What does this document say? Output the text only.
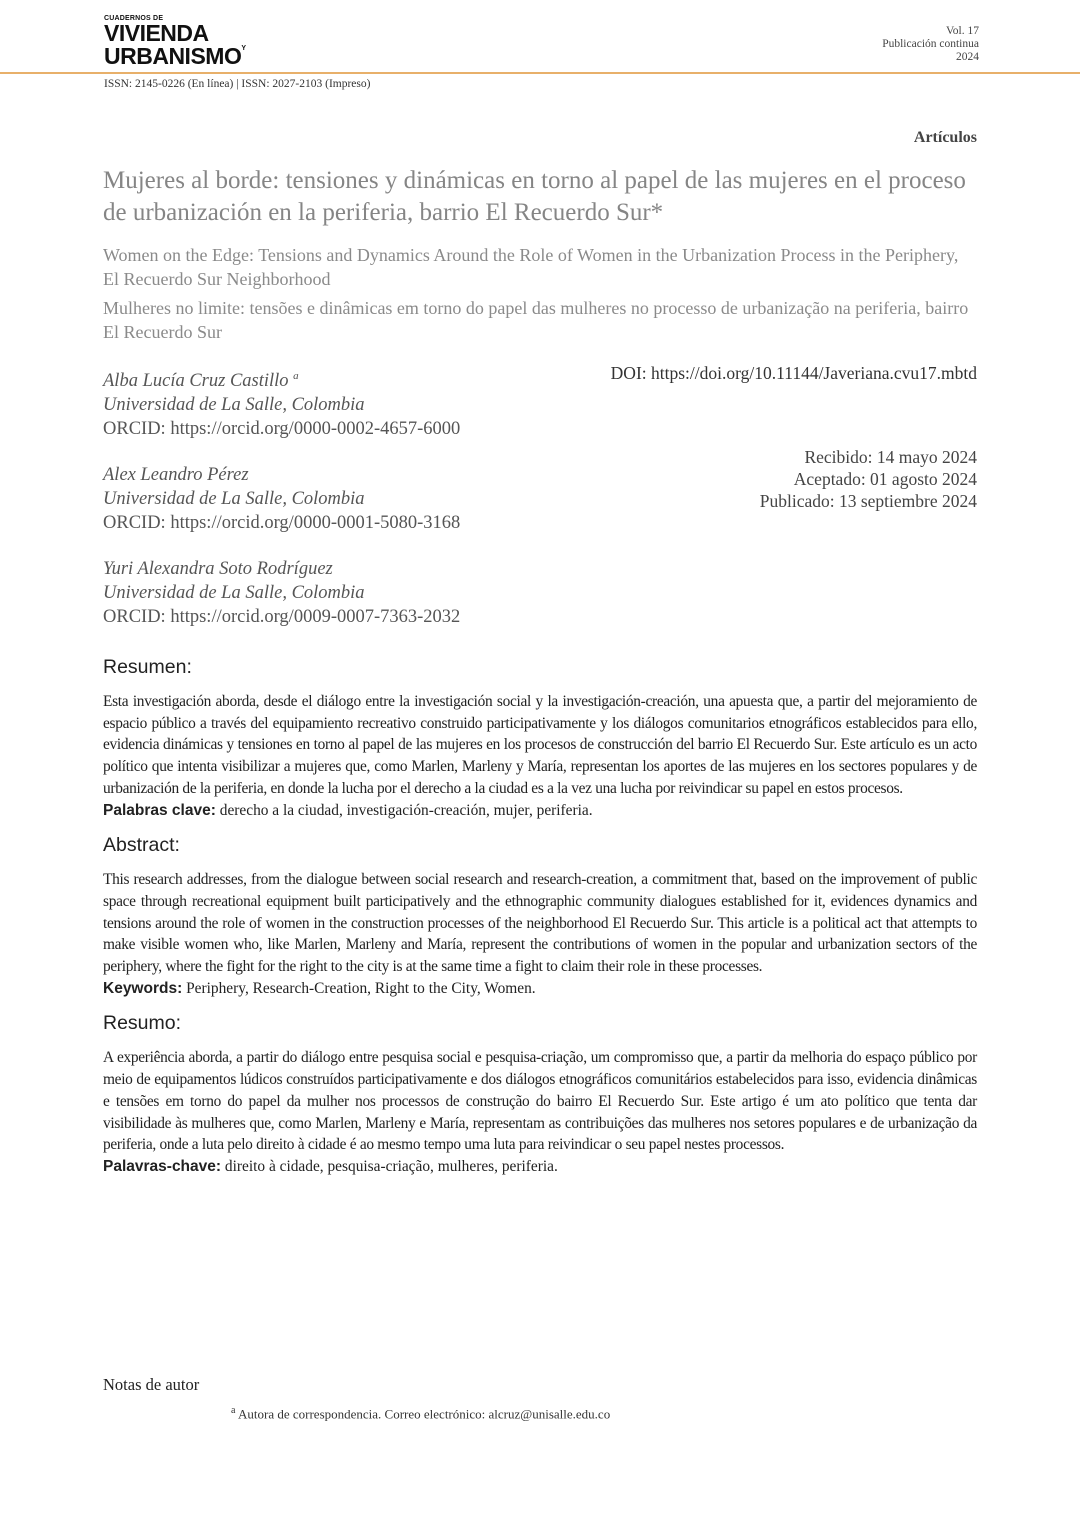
CUADERNOS DE
VIVIENDA
$URBANISMO^Y$
Vol. 17
Publicación continua
2024
ISSN: 2145-0226 (En línea) | ISSN: 2027-2103 (Impreso)
Artículos
Mujeres al borde: tensiones y dinámicas en torno al papel de las mujeres en el proceso de urbanización en la periferia, barrio El Recuerdo Sur*
Women on the Edge: Tensions and Dynamics Around the Role of Women in the Urbanization Process in the Periphery, El Recuerdo Sur Neighborhood
Mulheres no limite: tensões e dinâmicas em torno do papel das mulheres no processo de urbanização na periferia, bairro El Recuerdo Sur
Alba Lucía Cruz Castillo $^a$
Universidad de La Salle, Colombia
ORCID: https://orcid.org/0000-0002-4657-6000
Alex Leandro Pérez
Universidad de La Salle, Colombia
ORCID: https://orcid.org/0000-0001-5080-3168
Yuri Alexandra Soto Rodríguez
Universidad de La Salle, Colombia
ORCID: https://orcid.org/0009-0007-7363-2032
DOI: https://doi.org/10.11144/Javeriana.cvu17.mbtd
Recibido: 14 mayo 2024
Aceptado: 01 agosto 2024
Publicado: 13 septiembre 2024
Resumen:
Esta investigación aborda, desde el diálogo entre la investigación social y la investigación-creación, una apuesta que, a partir del mejoramiento de espacio público a través del equipamiento recreativo construido participativamente y los diálogos comunitarios etnográficos establecidos para ello, evidencia dinámicas y tensiones en torno al papel de las mujeres en los procesos de construcción del barrio El Recuerdo Sur. Este artículo es un acto político que intenta visibilizar a mujeres que, como Marlen, Marleny y María, representan los aportes de las mujeres en los sectores populares y de urbanización de la periferia, en donde la lucha por el derecho a la ciudad es a la vez una lucha por reivindicar su papel en estos procesos.
Palabras clave: derecho a la ciudad, investigación-creación, mujer, periferia.
Abstract:
This research addresses, from the dialogue between social research and research-creation, a commitment that, based on the improvement of public space through recreational equipment built participatively and the ethnographic community dialogues established for it, evidences dynamics and tensions around the role of women in the construction processes of the neighborhood El Recuerdo Sur. This article is a political act that attempts to make visible women who, like Marlen, Marleny and María, represent the contributions of women in the popular and urbanization sectors of the periphery, where the fight for the right to the city is at the same time a fight to claim their role in these processes.
Keywords: Periphery, Research-Creation, Right to the City, Women.
Resumo:
A experiência aborda, a partir do diálogo entre pesquisa social e pesquisa-criação, um compromisso que, a partir da melhoria do espaço público por meio de equipamentos lúdicos construídos participativamente e dos diálogos etnográficos comunitários estabelecidos para isso, evidencia dinâmicas e tensões em torno do papel da mulher nos processos de construção do bairro El Recuerdo Sur. Este artigo é um ato político que tenta dar visibilidade às mulheres que, como Marlen, Marleny e María, representam as contribuições das mulheres nos setores populares e de urbanização da periferia, onde a luta pelo direito à cidade é ao mesmo tempo uma luta para reivindicar o seu papel nestes processos.
Palavras-chave: direito à cidade, pesquisa-criação, mulheres, periferia.
Notas de autor
$^a$ Autora de correspondencia. Correo electrónico: alcruz@unisalle.edu.co
